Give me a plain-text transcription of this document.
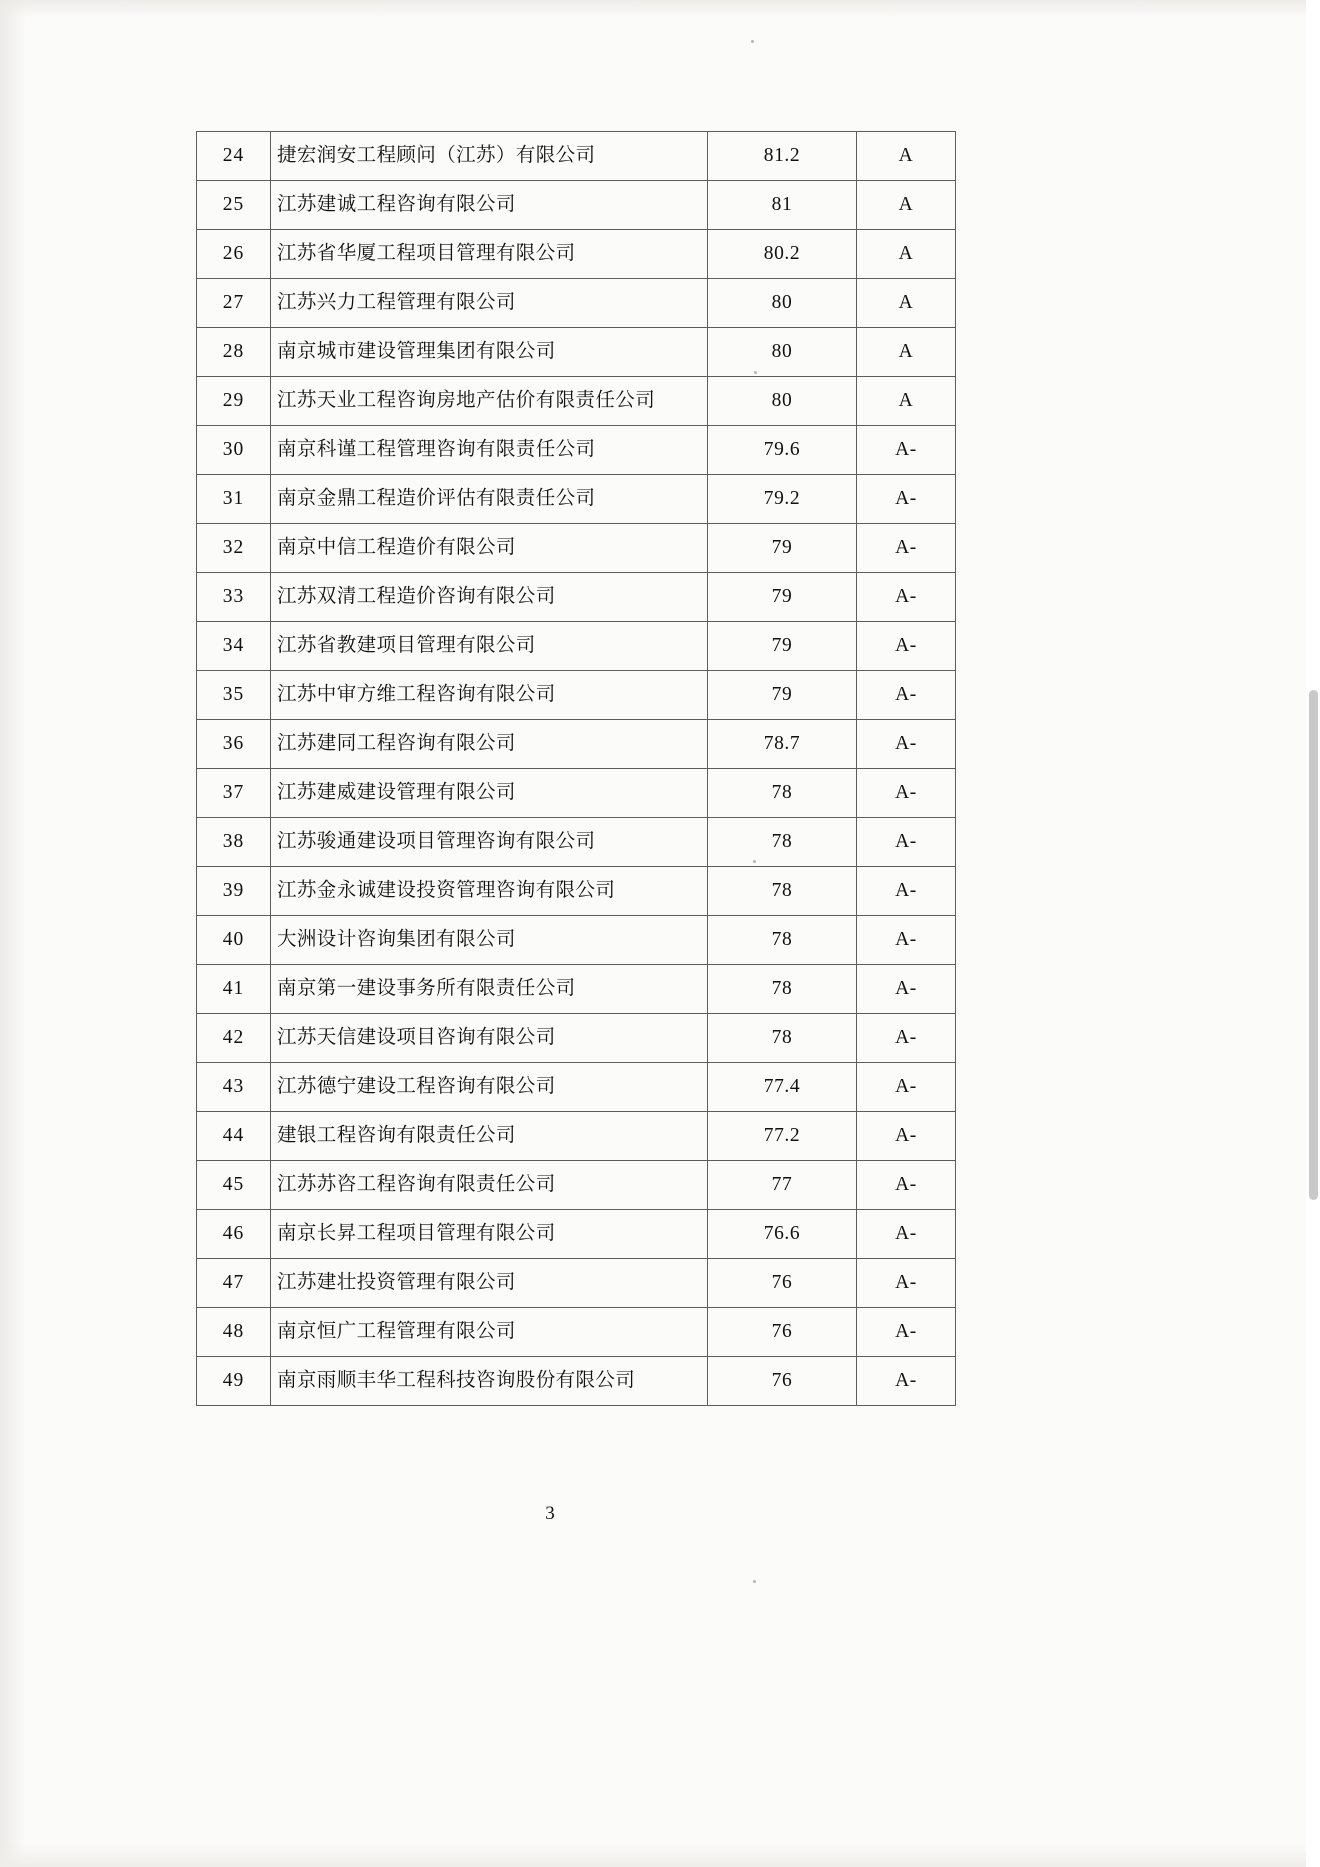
24	捷宏润安工程顾问（江苏）有限公司	81.2	A
25	江苏建诚工程咨询有限公司	81	A
26	江苏省华厦工程项目管理有限公司	80.2	A
27	江苏兴力工程管理有限公司	80	A
28	南京城市建设管理集团有限公司	80	A
29	江苏天业工程咨询房地产估价有限责任公司	80	A
30	南京科谨工程管理咨询有限责任公司	79.6	A-
31	南京金鼎工程造价评估有限责任公司	79.2	A-
32	南京中信工程造价有限公司	79	A-
33	江苏双清工程造价咨询有限公司	79	A-
34	江苏省教建项目管理有限公司	79	A-
35	江苏中审方维工程咨询有限公司	79	A-
36	江苏建同工程咨询有限公司	78.7	A-
37	江苏建威建设管理有限公司	78	A-
38	江苏骏通建设项目管理咨询有限公司	78	A-
39	江苏金永诚建设投资管理咨询有限公司	78	A-
40	大洲设计咨询集团有限公司	78	A-
41	南京第一建设事务所有限责任公司	78	A-
42	江苏天信建设项目咨询有限公司	78	A-
43	江苏德宁建设工程咨询有限公司	77.4	A-
44	建银工程咨询有限责任公司	77.2	A-
45	江苏苏咨工程咨询有限责任公司	77	A-
46	南京长昇工程项目管理有限公司	76.6	A-
47	江苏建壮投资管理有限公司	76	A-
48	南京恒广工程管理有限公司	76	A-
49	南京雨顺丰华工程科技咨询股份有限公司	76	A-
3
